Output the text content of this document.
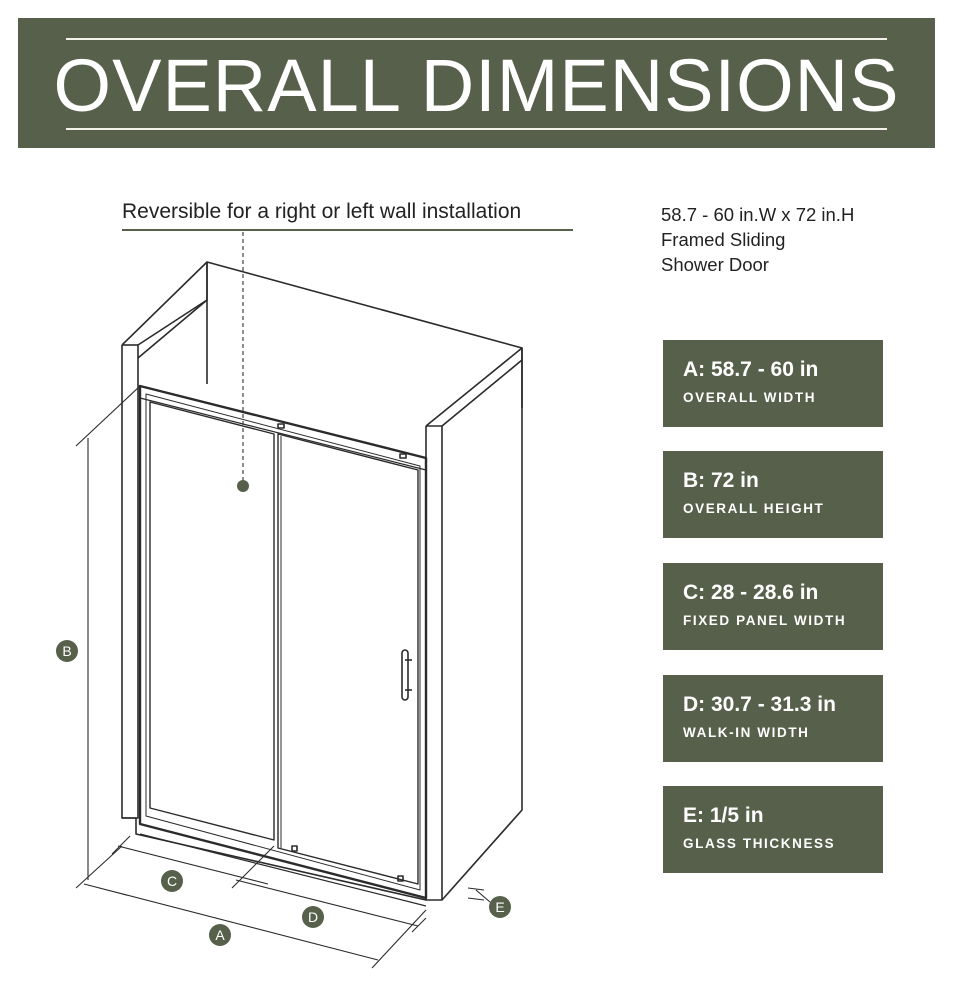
OVERALL DIMENSIONS
Reversible for a right or left wall installation	58.7 - 60 in.W x 72 in.H
Framed Sliding
Shower Door
B
C
D
A
E
A: 58.7 - 60 in
OVERALL WIDTH
B: 72 in
OVERALL HEIGHT
C: 28 - 28.6 in
FIXED PANEL WIDTH
D: 30.7 - 31.3 in
WALK-IN WIDTH
E: 1/5 in
GLASS THICKNESS
